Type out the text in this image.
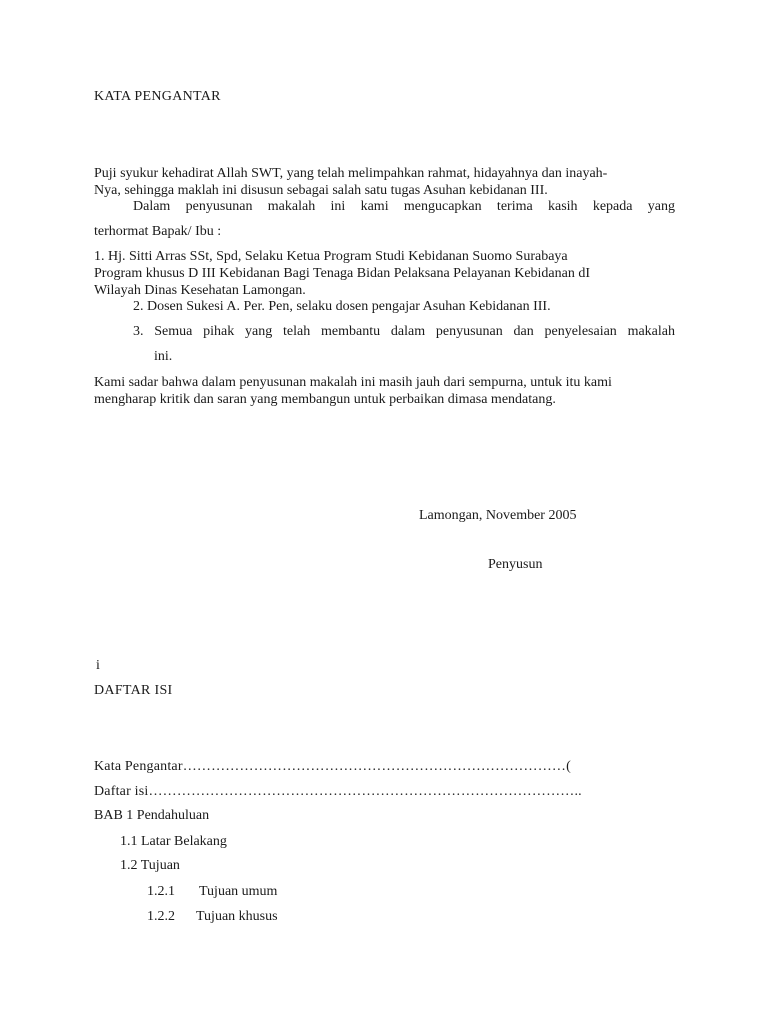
KATA PENGANTAR
Puji syukur kehadirat Allah SWT, yang telah melimpahkan rahmat, hidayahnya dan inayah-
Nya, sehingga maklah ini disusun sebagai salah satu tugas Asuhan kebidanan III.
Dalam penyusunan makalah ini kami mengucapkan terima kasih kepada yang
terhormat Bapak/ Ibu :
1. Hj. Sitti Arras SSt, Spd, Selaku Ketua Program Studi Kebidanan Suomo Surabaya
Program khusus D III Kebidanan Bagi Tenaga Bidan Pelaksana Pelayanan Kebidanan dI
Wilayah Dinas Kesehatan Lamongan.
2. Dosen Sukesi A. Per. Pen, selaku dosen pengajar Asuhan Kebidanan III.
3. Semua pihak yang telah membantu dalam penyusunan dan penyelesaian makalah
ini.
Kami sadar bahwa dalam penyusunan makalah ini masih jauh dari sempurna, untuk itu kami
mengharap kritik dan saran yang membangun untuk perbaikan dimasa mendatang.
Lamongan, November 2005
Penyusun
i
DAFTAR ISI
Kata Pengantar………………………………………………………………………(
Daftar isi………………………………………………………………………………..
BAB 1 Pendahuluan
1.1 Latar Belakang
1.2 Tujuan
1.2.1 Tujuan umum
1.2.2 Tujuan khusus
